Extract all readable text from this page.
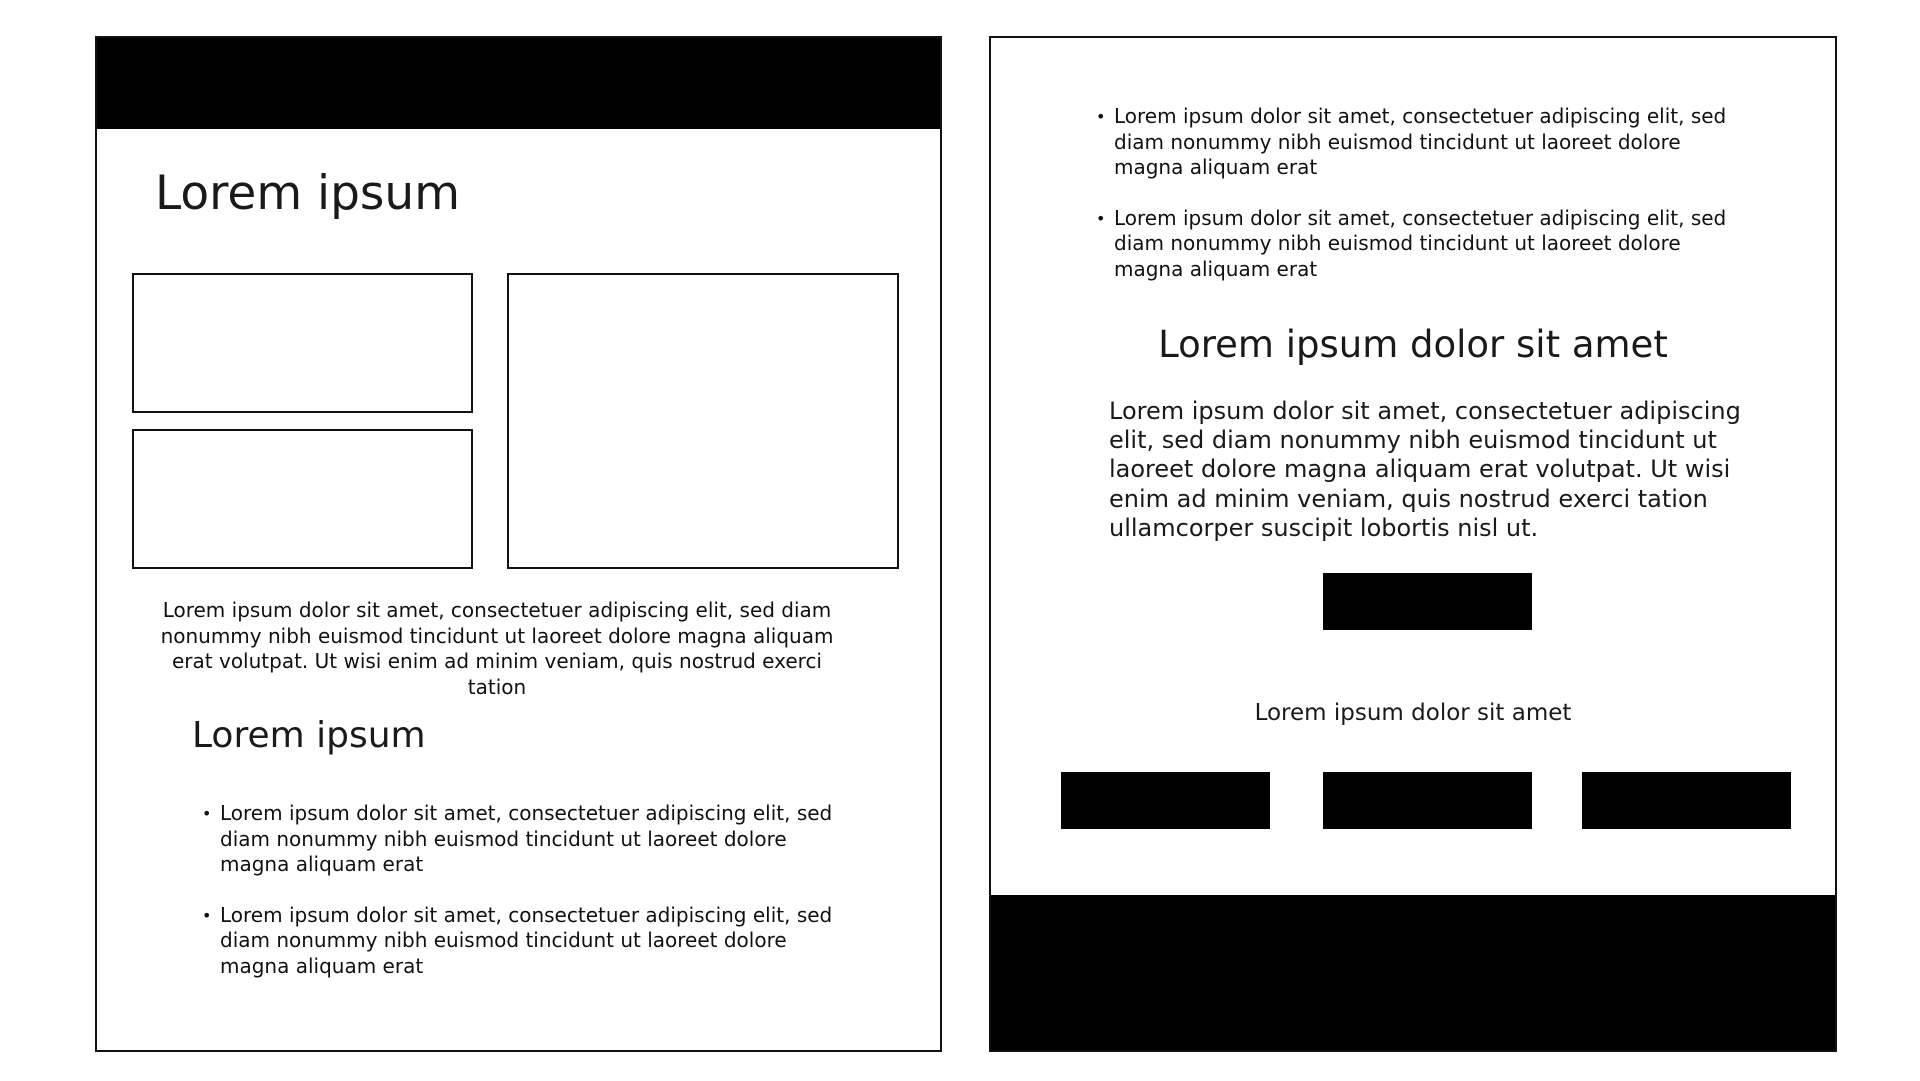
Lorem ipsum

Lorem ipsum dolor sit amet, consectetuer adipiscing elit, sed diam nonummy nibh euismod tincidunt ut laoreet dolore magna aliquam erat volutpat. Ut wisi enim ad minim veniam, quis nostrud exerci tation

Lorem ipsum
• Lorem ipsum dolor sit amet, consectetuer adipiscing elit, sed diam nonummy nibh euismod tincidunt ut laoreet dolore magna aliquam erat
• Lorem ipsum dolor sit amet, consectetuer adipiscing elit, sed diam nonummy nibh euismod tincidunt ut laoreet dolore magna aliquam erat
• Lorem ipsum dolor sit amet, consectetuer adipiscing elit, sed diam nonummy nibh euismod tincidunt ut laoreet dolore magna aliquam erat
• Lorem ipsum dolor sit amet, consectetuer adipiscing elit, sed diam nonummy nibh euismod tincidunt ut laoreet dolore magna aliquam erat
Lorem ipsum dolor sit amet

Lorem ipsum dolor sit amet, consectetuer adipiscing elit, sed diam nonummy nibh euismod tincidunt ut laoreet dolore magna aliquam erat volutpat. Ut wisi enim ad minim veniam, quis nostrud exerci tation ullamcorper suscipit lobortis nisl ut.

Lorem ipsum dolor sit amet
